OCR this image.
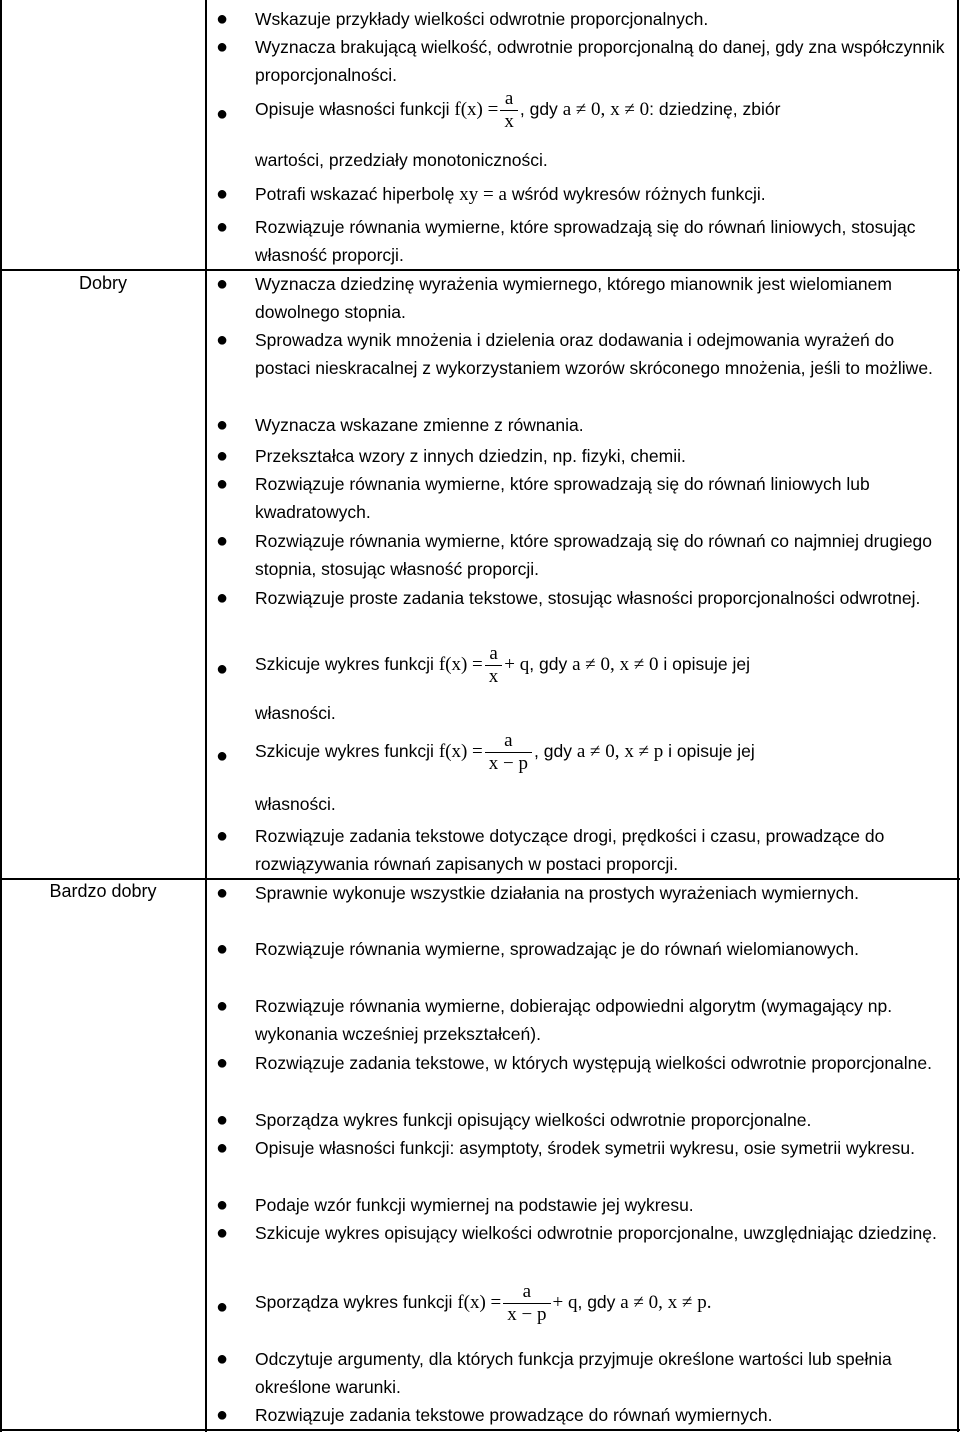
Dobry
Bardzo dobry
● Wskazuje przykłady wielkości odwrotnie proporcjonalnych.
● Wyznacza brakującą wielkość, odwrotnie proporcjonalną do danej, gdy zna współczynnik proporcjonalności.
● Opisuje własności funkcji $f(x) = \frac{a}{x}$ , gdy a ≠ 0, x ≠ 0: dziedzinę, zbiór
wartości, przedziały monotoniczności.
● Potrafi wskazać hiperbolę xy = a wśród wykresów różnych funkcji.
● Rozwiązuje równania wymierne, które sprowadzają się do równań liniowych, stosując własność proporcji.
● Wyznacza dziedzinę wyrażenia wymiernego, którego mianownik jest wielomianem dowolnego stopnia.
● Sprowadza wynik mnożenia i dzielenia oraz dodawania i odejmowania wyrażeń do postaci nieskracalnej z wykorzystaniem wzorów skróconego mnożenia, jeśli to możliwe.
● Wyznacza wskazane zmienne z równania.
● Przekształca wzory z innych dziedzin, np. fizyki, chemii.
● Rozwiązuje równania wymierne, które sprowadzają się do równań liniowych lub kwadratowych.
● Rozwiązuje równania wymierne, które sprowadzają się do równań co najmniej drugiego stopnia, stosując własność proporcji.
● Rozwiązuje proste zadania tekstowe, stosując własności proporcjonalności odwrotnej.
● Szkicuje wykres funkcji $f(x) = \frac{a}{x} + q$, gdy a ≠ 0, x ≠ 0 i opisuje jej
własności.
● Szkicuje wykres funkcji $f(x) = \frac{a}{x - p}$ , gdy a ≠ 0, x ≠ p i opisuje jej
własności.
● Rozwiązuje zadania tekstowe dotyczące drogi, prędkości i czasu, prowadzące do rozwiązywania równań zapisanych w postaci proporcji.
● Sprawnie wykonuje wszystkie działania na prostych wyrażeniach wymiernych.
● Rozwiązuje równania wymierne, sprowadzając je do równań wielomianowych.
● Rozwiązuje równania wymierne, dobierając odpowiedni algorytm (wymagający np. wykonania wcześniej przekształceń).
● Rozwiązuje zadania tekstowe, w których występują wielkości odwrotnie proporcjonalne.
● Sporządza wykres funkcji opisujący wielkości odwrotnie proporcjonalne.
● Opisuje własności funkcji: asymptoty, środek symetrii wykresu, osie symetrii wykresu.
● Podaje wzór funkcji wymiernej na podstawie jej wykresu.
● Szkicuje wykres opisujący wielkości odwrotnie proporcjonalne, uwzględniając dziedzinę.
● Sporządza wykres funkcji $f(x) = \frac{a}{x - p} + q$, gdy a ≠ 0, x ≠ p.
● Odczytuje argumenty, dla których funkcja przyjmuje określone wartości lub spełnia określone warunki.
● Rozwiązuje zadania tekstowe prowadzące do równań wymiernych.
